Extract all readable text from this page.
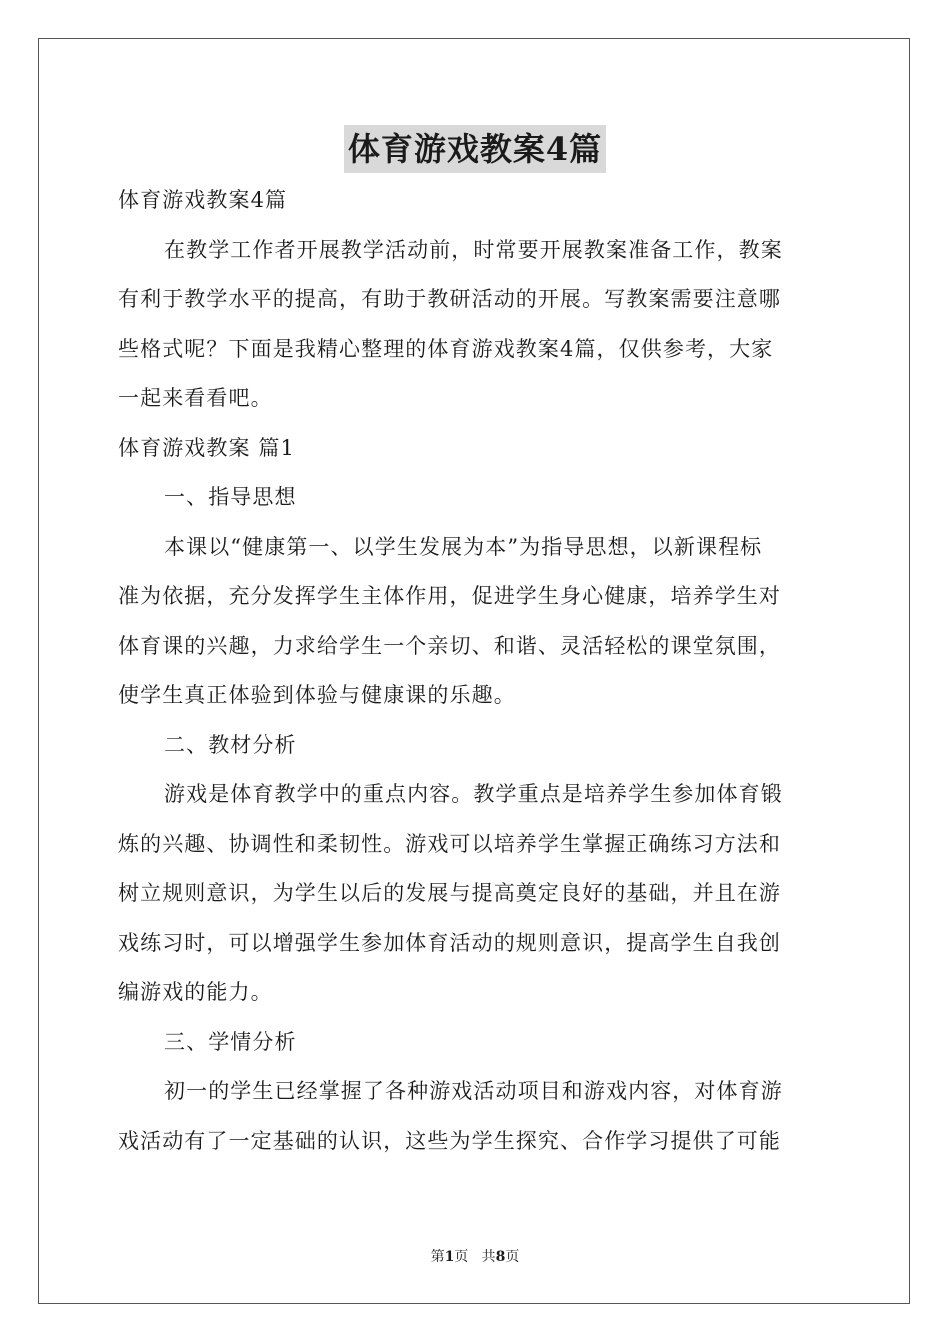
体育游戏教案4篇
体育游戏教案4篇
在教学工作者开展教学活动前，时常要开展教案准备工作，教案
有利于教学水平的提高，有助于教研活动的开展。写教案需要注意哪
些格式呢？下面是我精心整理的体育游戏教案4篇，仅供参考，大家
一起来看看吧。
体育游戏教案 篇1
一、指导思想
本课以“健康第一、以学生发展为本”为指导思想，以新课程标
准为依据，充分发挥学生主体作用，促进学生身心健康，培养学生对
体育课的兴趣，力求给学生一个亲切、和谐、灵活轻松的课堂氛围，
使学生真正体验到体验与健康课的乐趣。
二、教材分析
游戏是体育教学中的重点内容。教学重点是培养学生参加体育锻
炼的兴趣、协调性和柔韧性。游戏可以培养学生掌握正确练习方法和
树立规则意识，为学生以后的发展与提高奠定良好的基础，并且在游
戏练习时，可以增强学生参加体育活动的规则意识，提高学生自我创
编游戏的能力。
三、学情分析
初一的学生已经掌握了各种游戏活动项目和游戏内容，对体育游
戏活动有了一定基础的认识，这些为学生探究、合作学习提供了可能
第1页 共8页
